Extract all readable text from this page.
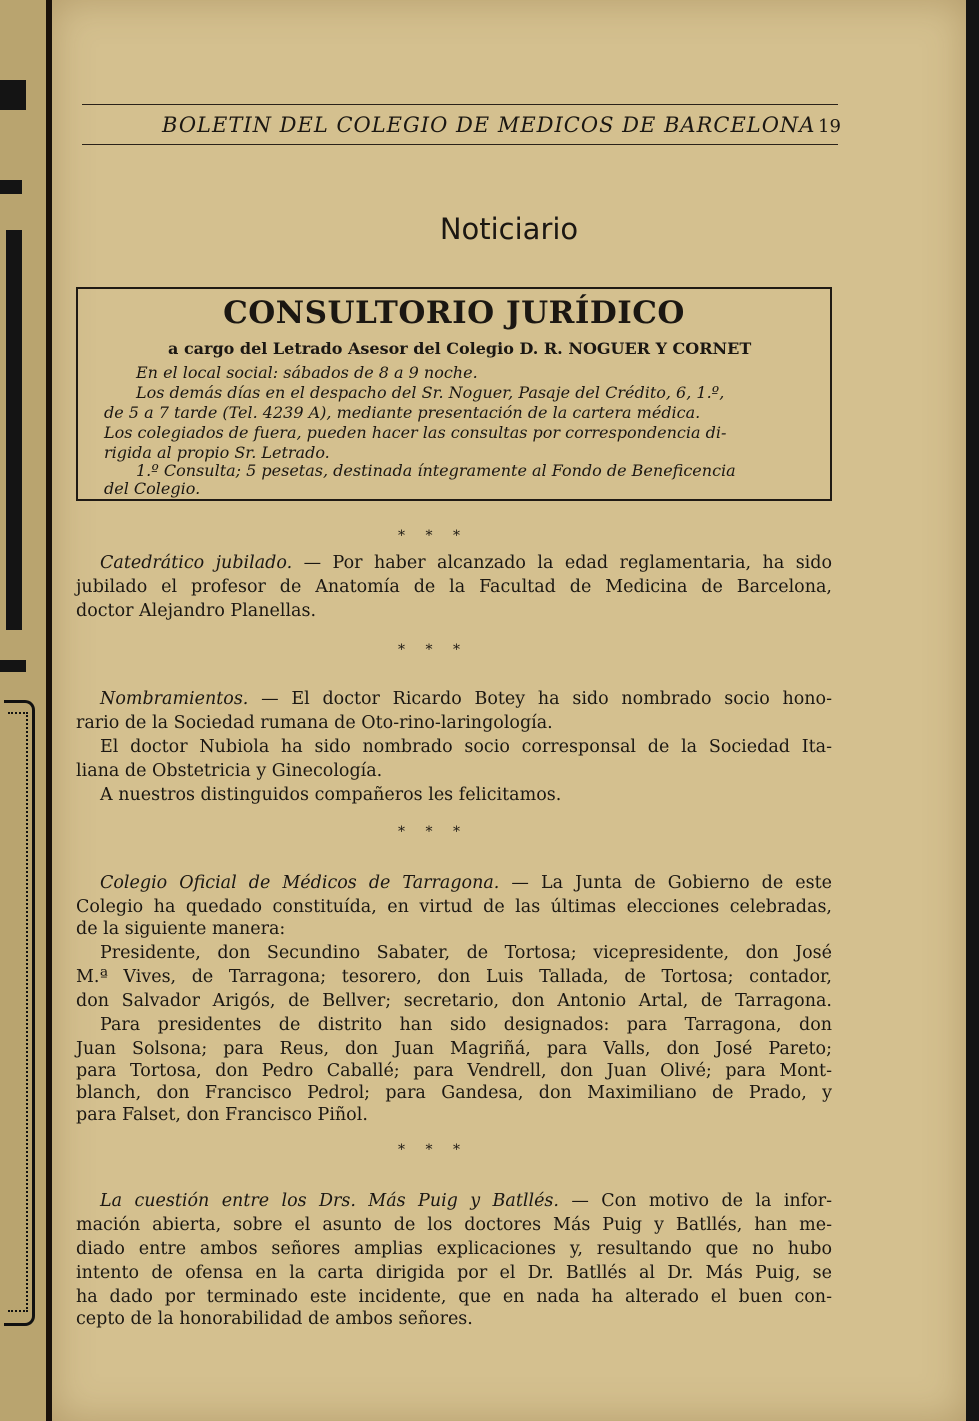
BOLETIN DEL COLEGIO DE MEDICOS DE BARCELONA 19
Noticiario
CONSULTORIO JURÍDICO
a cargo del Letrado Asesor del Colegio D. R. NOGUER Y CORNET
En el local social: sábados de 8 a 9 noche.
Los demás días en el despacho del Sr. Noguer, Pasaje del Crédito, 6, 1.º,
de 5 a 7 tarde (Tel. 4239 A), mediante presentación de la cartera médica.
Los colegiados de fuera, pueden hacer las consultas por correspondencia di-
rigida al propio Sr. Letrado.
1.º Consulta; 5 pesetas, destinada íntegramente al Fondo de Beneficencia
del Colegio.
* * *
Catedrático jubilado. — Por haber alcanzado la edad reglamentaria, ha sido
jubilado el profesor de Anatomía de la Facultad de Medicina de Barcelona,
doctor Alejandro Planellas.
* * *
Nombramientos. — El doctor Ricardo Botey ha sido nombrado socio hono-
rario de la Sociedad rumana de Oto-rino-laringología.
El doctor Nubiola ha sido nombrado socio corresponsal de la Sociedad Ita-
liana de Obstetricia y Ginecología.
A nuestros distinguidos compañeros les felicitamos.
* * *
Colegio Oficial de Médicos de Tarragona. — La Junta de Gobierno de este
Colegio ha quedado constituída, en virtud de las últimas elecciones celebradas,
de la siguiente manera:
Presidente, don Secundino Sabater, de Tortosa; vicepresidente, don José
M.ª Vives, de Tarragona; tesorero, don Luis Tallada, de Tortosa; contador,
don Salvador Arigós, de Bellver; secretario, don Antonio Artal, de Tarragona.
Para presidentes de distrito han sido designados: para Tarragona, don
Juan Solsona; para Reus, don Juan Magriñá, para Valls, don José Pareto;
para Tortosa, don Pedro Caballé; para Vendrell, don Juan Olivé; para Mont-
blanch, don Francisco Pedrol; para Gandesa, don Maximiliano de Prado, y
para Falset, don Francisco Piñol.
* * *
La cuestión entre los Drs. Más Puig y Batllés. — Con motivo de la infor-
mación abierta, sobre el asunto de los doctores Más Puig y Batllés, han me-
diado entre ambos señores amplias explicaciones y, resultando que no hubo
intento de ofensa en la carta dirigida por el Dr. Batllés al Dr. Más Puig, se
ha dado por terminado este incidente, que en nada ha alterado el buen con-
cepto de la honorabilidad de ambos señores.
